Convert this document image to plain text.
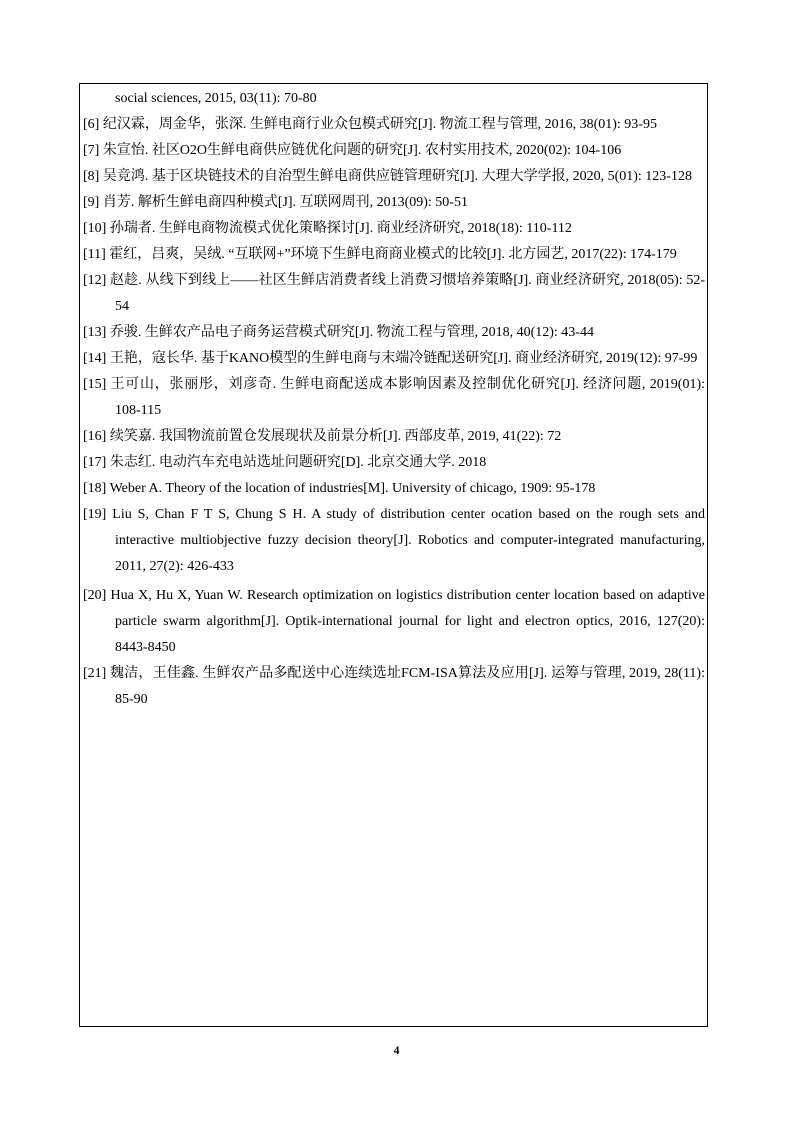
social sciences, 2015, 03(11): 70-80

[6] 纪汉霖，周金华，张深. 生鲜电商行业众包模式研究[J]. 物流工程与管理, 2016, 38(01): 93-95

[7] 朱宣怡. 社区O2O生鲜电商供应链优化问题的研究[J]. 农村实用技术, 2020(02): 104-106

[8] 吴竞鸿. 基于区块链技术的自治型生鲜电商供应链管理研究[J]. 大理大学学报, 2020, 5(01): 123-128

[9] 肖芳. 解析生鲜电商四种模式[J]. 互联网周刊, 2013(09): 50-51

[10] 孙瑞者. 生鲜电商物流模式优化策略探讨[J]. 商业经济研究, 2018(18): 110-112

[11] 霍红，吕爽，吴绒. “互联网+”环境下生鲜电商商业模式的比较[J]. 北方园艺, 2017(22): 174-179

[12] 赵趁. 从线下到线上——社区生鲜店消费者线上消费习惯培养策略[J]. 商业经济研究, 2018(05): 52-54

[13] 乔骏. 生鲜农产品电子商务运营模式研究[J]. 物流工程与管理, 2018, 40(12): 43-44

[14] 王艳，寇长华. 基于KANO模型的生鲜电商与末端冷链配送研究[J]. 商业经济研究, 2019(12): 97-99

[15] 王可山，张丽彤，刘彦奇. 生鲜电商配送成本影响因素及控制优化研究[J]. 经济问题, 2019(01): 108-115

[16] 续笑嘉. 我国物流前置仓发展现状及前景分析[J]. 西部皮革, 2019, 41(22): 72

[17] 朱志红. 电动汽车充电站选址问题研究[D]. 北京交通大学. 2018

[18] Weber A. Theory of the location of industries[M]. University of chicago, 1909: 95-178

[19] Liu S, Chan F T S, Chung S H. A study of distribution center ocation based on the rough sets and interactive multiobjective fuzzy decision theory[J]. Robotics and computer-integrated manufacturing, 2011, 27(2): 426-433

[20] Hua X, Hu X, Yuan W. Research optimization on logistics distribution center location based on adaptive particle swarm algorithm[J]. Optik-international journal for light and electron optics, 2016, 127(20): 8443-8450

[21] 魏洁，王佳鑫. 生鲜农产品多配送中心连续选址FCM-ISA算法及应用[J]. 运筹与管理, 2019, 28(11): 85-90

4
